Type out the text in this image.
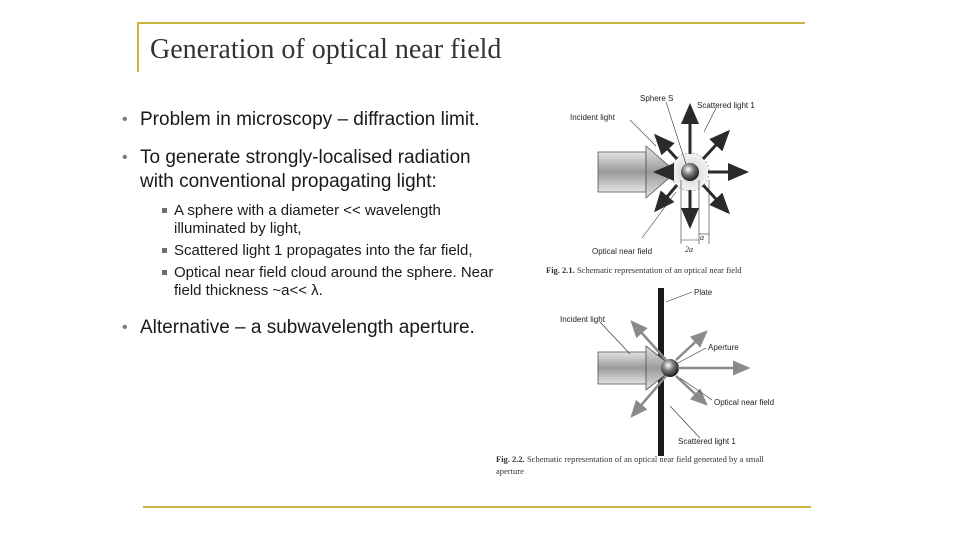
Generation of optical near field
• Problem in microscopy – diffraction limit.
• To generate strongly-localised radiation with conventional propagating light:
A sphere with a diameter << wavelength illuminated by light,
Scattered light 1 propagates into the far field,
Optical near field cloud around the sphere. Near field thickness ~a<< λ.
• Alternative – a subwavelength aperture.
Sphere S
Scattered light 1
Incident light
Optical near field
a
2a
Plate
Incident light
Aperture
Optical near field
Scattered light 1
Fig. 2.1. Schematic representation of an optical near field
Fig. 2.2. Schematic representation of an optical near field generated by a small
aperture
